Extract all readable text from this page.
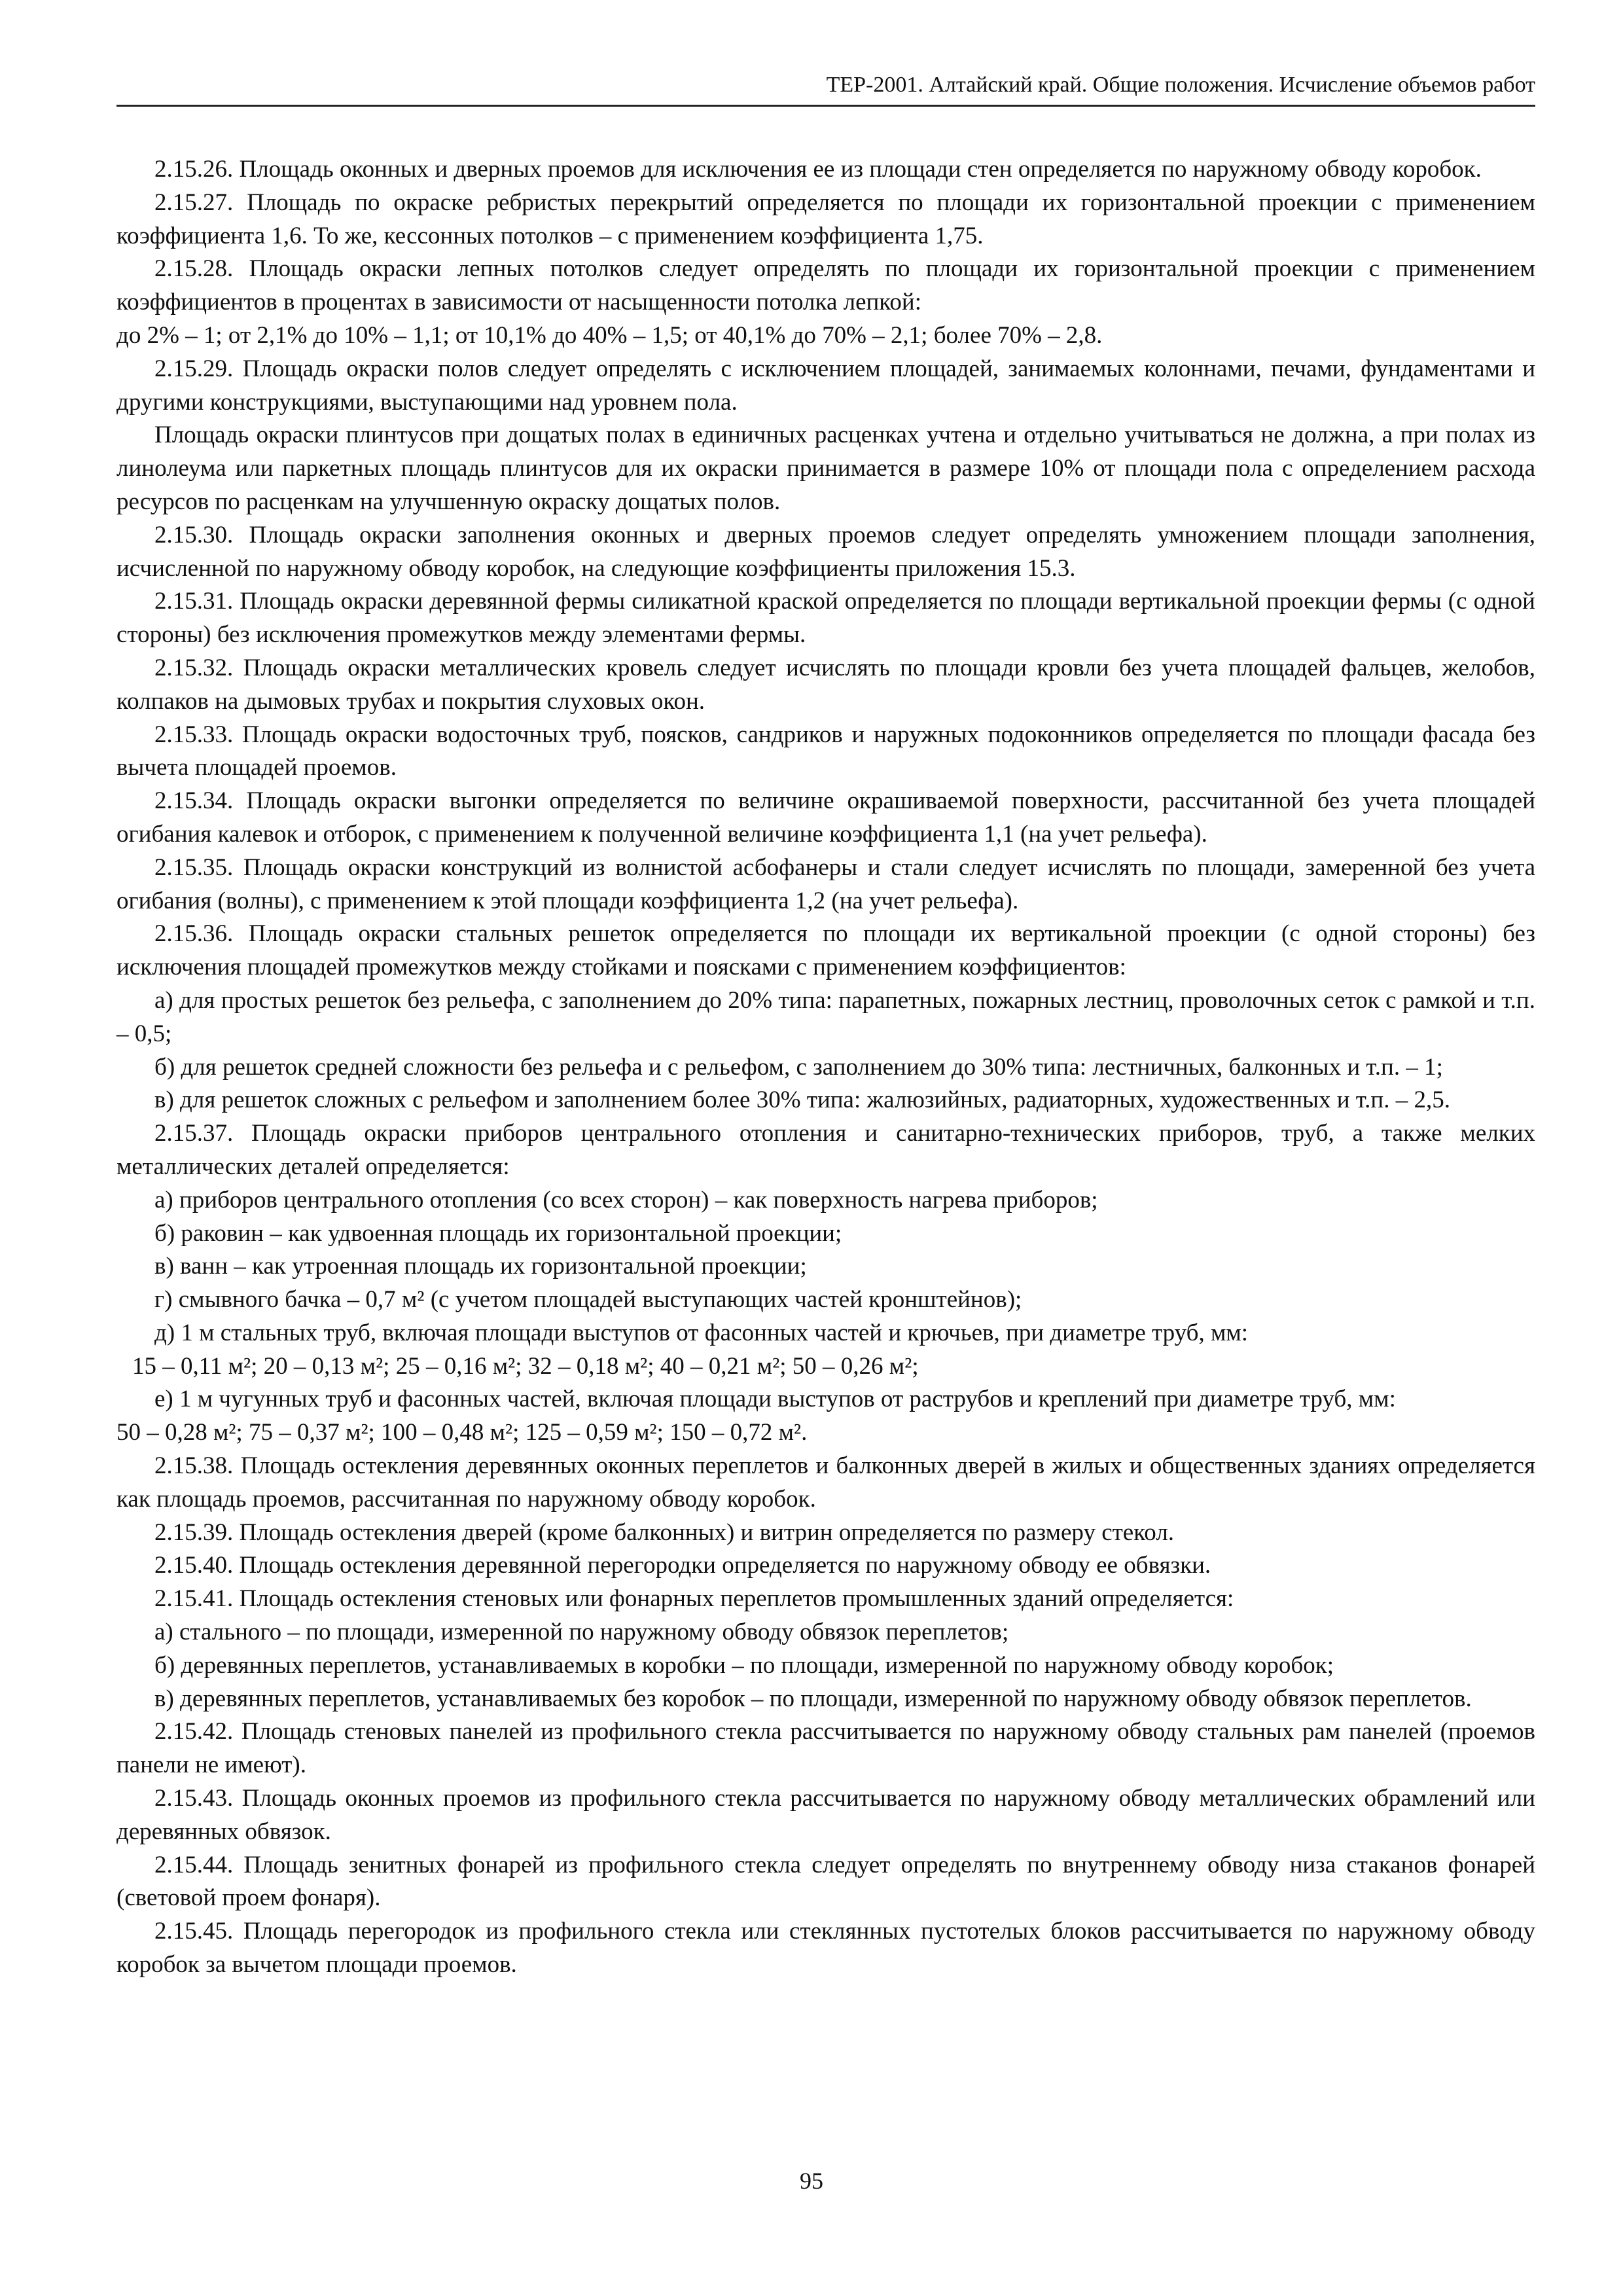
ТЕР-2001. Алтайский край. Общие положения. Исчисление объемов работ

2.15.26. Площадь оконных и дверных проемов для исключения ее из площади стен определяется по наружному обводу коробок.

2.15.27. Площадь по окраске ребристых перекрытий определяется по площади их горизонтальной проекции с применением коэффициента 1,6. То же, кессонных потолков – с применением коэффициента 1,75.

2.15.28. Площадь окраски лепных потолков следует определять по площади их горизонтальной проекции с применением коэффициентов в процентах в зависимости от насыщенности потолка лепкой:

до 2% – 1; от 2,1% до 10% – 1,1; от 10,1% до 40% – 1,5; от 40,1% до 70% – 2,1; более 70% – 2,8.

2.15.29. Площадь окраски полов следует определять с исключением площадей, занимаемых колоннами, печами, фундаментами и другими конструкциями, выступающими над уровнем пола.

Площадь окраски плинтусов при дощатых полах в единичных расценках учтена и отдельно учитываться не должна, а при полах из линолеума или паркетных площадь плинтусов для их окраски принимается в размере 10% от площади пола с определением расхода ресурсов по расценкам на улучшенную окраску дощатых полов.

2.15.30. Площадь окраски заполнения оконных и дверных проемов следует определять умножением площади заполнения, исчисленной по наружному обводу коробок, на следующие коэффициенты приложения 15.3.

2.15.31. Площадь окраски деревянной фермы силикатной краской определяется по площади вертикальной проекции фермы (с одной стороны) без исключения промежутков между элементами фермы.

2.15.32. Площадь окраски металлических кровель следует исчислять по площади кровли без учета площадей фальцев, желобов, колпаков на дымовых трубах и покрытия слуховых окон.

2.15.33. Площадь окраски водосточных труб, поясков, сандриков и наружных подоконников определяется по площади фасада без вычета площадей проемов.

2.15.34. Площадь окраски выгонки определяется по величине окрашиваемой поверхности, рассчитанной без учета площадей огибания калевок и отборок, с применением к полученной величине коэффициента 1,1 (на учет рельефа).

2.15.35. Площадь окраски конструкций из волнистой асбофанеры и стали следует исчислять по площади, замеренной без учета огибания (волны), с применением к этой площади коэффициента 1,2 (на учет рельефа).

2.15.36. Площадь окраски стальных решеток определяется по площади их вертикальной проекции (с одной стороны) без исключения площадей промежутков между стойками и поясками с применением коэффициентов:

а) для простых решеток без рельефа, с заполнением до 20% типа: парапетных, пожарных лестниц, проволочных сеток с рамкой и т.п. – 0,5;

б) для решеток средней сложности без рельефа и с рельефом, с заполнением до 30% типа: лестничных, балконных и т.п. – 1;

в) для решеток сложных с рельефом и заполнением более 30% типа: жалюзийных, радиаторных, художественных и т.п. – 2,5.

2.15.37. Площадь окраски приборов центрального отопления и санитарно-технических приборов, труб, а также мелких металлических деталей определяется:

а) приборов центрального отопления (со всех сторон) – как поверхность нагрева приборов;

б) раковин – как удвоенная площадь их горизонтальной проекции;

в) ванн – как утроенная площадь их горизонтальной проекции;

г) смывного бачка – 0,7 м² (с учетом площадей выступающих частей кронштейнов);

д) 1 м стальных труб, включая площади выступов от фасонных частей и крючьев, при диаметре труб, мм:

15 – 0,11 м²; 20 – 0,13 м²; 25 – 0,16 м²; 32 – 0,18 м²; 40 – 0,21 м²; 50 – 0,26 м²;

е) 1 м чугунных труб и фасонных частей, включая площади выступов от раструбов и креплений при диаметре труб, мм:

50 – 0,28 м²; 75 – 0,37 м²; 100 – 0,48 м²; 125 – 0,59 м²; 150 – 0,72 м².

2.15.38. Площадь остекления деревянных оконных переплетов и балконных дверей в жилых и общественных зданиях определяется как площадь проемов, рассчитанная по наружному обводу коробок.

2.15.39. Площадь остекления дверей (кроме балконных) и витрин определяется по размеру стекол.

2.15.40. Площадь остекления деревянной перегородки определяется по наружному обводу ее обвязки.

2.15.41. Площадь остекления стеновых или фонарных переплетов промышленных зданий определяется:

а) стального – по площади, измеренной по наружному обводу обвязок переплетов;

б) деревянных переплетов, устанавливаемых в коробки – по площади, измеренной по наружному обводу коробок;

в) деревянных переплетов, устанавливаемых без коробок – по площади, измеренной по наружному обводу обвязок переплетов.

2.15.42. Площадь стеновых панелей из профильного стекла рассчитывается по наружному обводу стальных рам панелей (проемов панели не имеют).

2.15.43. Площадь оконных проемов из профильного стекла рассчитывается по наружному обводу металлических обрамлений или деревянных обвязок.

2.15.44. Площадь зенитных фонарей из профильного стекла следует определять по внутреннему обводу низа стаканов фонарей (световой проем фонаря).

2.15.45. Площадь перегородок из профильного стекла или стеклянных пустотелых блоков рассчитывается по наружному обводу коробок за вычетом площади проемов.

95
